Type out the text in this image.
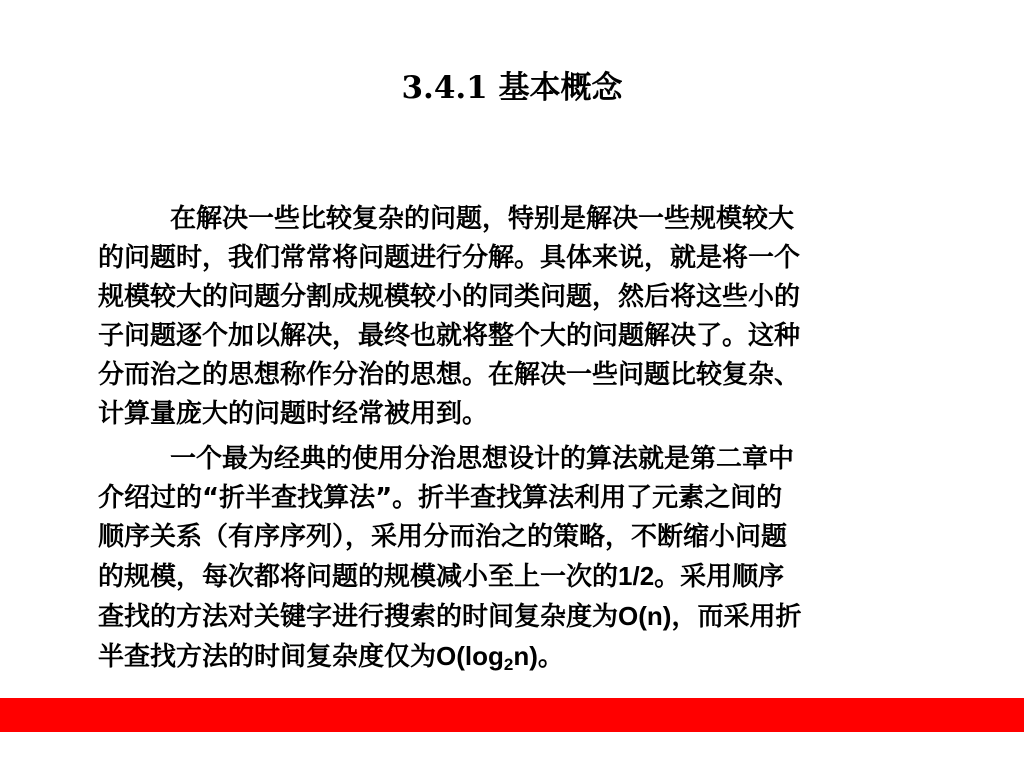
3.4.1 基本概念

在解决一些比较复杂的问题，特别是解决一些规模较大
的问题时，我们常常将问题进行分解。具体来说，就是将一个
规模较大的问题分割成规模较小的同类问题，然后将这些小的
子问题逐个加以解决，最终也就将整个大的问题解决了。这种
分而治之的思想称作分治的思想。在解决一些问题比较复杂、
计算量庞大的问题时经常被用到。

一个最为经典的使用分治思想设计的算法就是第二章中
介绍过的“折半查找算法”。折半查找算法利用了元素之间的
顺序关系（有序序列），采用分而治之的策略，不断缩小问题
的规模，每次都将问题的规模减小至上一次的1/2。采用顺序
查找的方法对关键字进行搜索的时间复杂度为O(n)，而采用折
半查找方法的时间复杂度仅为$O(\log_2n)$。
